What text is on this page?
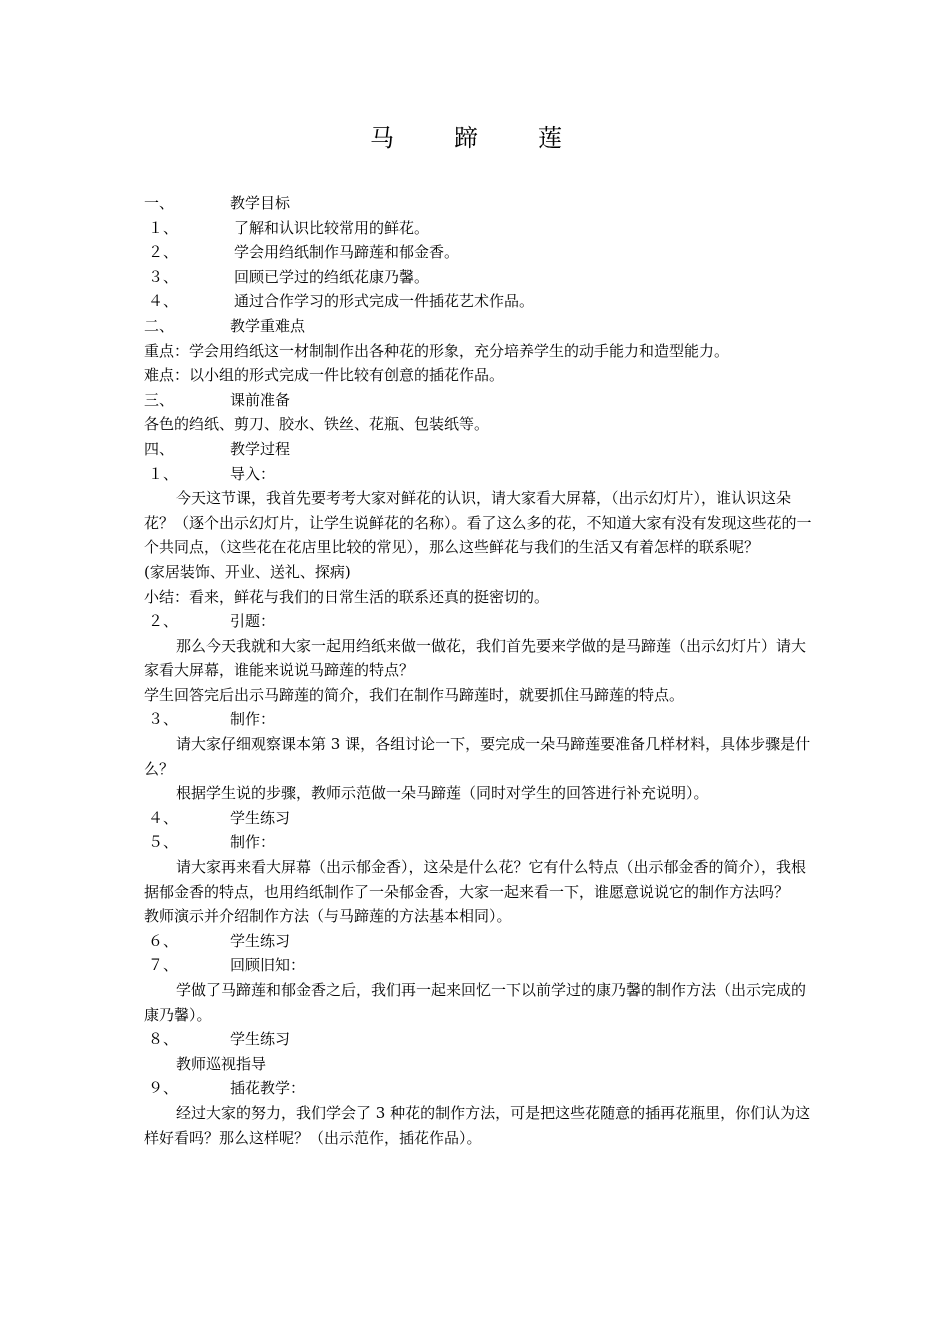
马　蹄　莲
一、	教学目标
１、	了解和认识比较常用的鲜花。
２、	学会用绉纸制作马蹄莲和郁金香。
３、	回顾已学过的绉纸花康乃馨。
４、	通过合作学习的形式完成一件插花艺术作品。
二、	教学重难点

重点：学会用绉纸这一材制制作出各种花的形象，充分培养学生的动手能力和造型能力。

难点：以小组的形式完成一件比较有创意的插花作品。

三、	课前准备

各色的绉纸、剪刀、胶水、铁丝、花瓶、包装纸等。

四、	教学过程
１、	导入：

今天这节课，我首先要考考大家对鲜花的认识，请大家看大屏幕，（出示幻灯片），谁认识这朵花？（逐个出示幻灯片，让学生说鲜花的名称）。看了这么多的花，不知道大家有没有发现这些花的一个共同点，（这些花在花店里比较的常见），那么这些鲜花与我们的生活又有着怎样的联系呢？

(家居装饰、开业、送礼、探病)

小结：看来，鲜花与我们的日常生活的联系还真的挺密切的。

２、	引题：

那么今天我就和大家一起用绉纸来做一做花，我们首先要来学做的是马蹄莲（出示幻灯片）请大家看大屏幕，谁能来说说马蹄莲的特点？

学生回答完后出示马蹄莲的简介，我们在制作马蹄莲时，就要抓住马蹄莲的特点。

３、	制作：

请大家仔细观察课本第 3 课，各组讨论一下，要完成一朵马蹄莲要准备几样材料，具体步骤是什么？

根据学生说的步骤，教师示范做一朵马蹄莲（同时对学生的回答进行补充说明）。

４、	学生练习
５、	制作：

请大家再来看大屏幕（出示郁金香），这朵是什么花？它有什么特点（出示郁金香的简介），我根据郁金香的特点，也用绉纸制作了一朵郁金香，大家一起来看一下，谁愿意说说它的制作方法吗？

教师演示并介绍制作方法（与马蹄莲的方法基本相同）。

６、	学生练习
７、	回顾旧知：

学做了马蹄莲和郁金香之后，我们再一起来回忆一下以前学过的康乃馨的制作方法（出示完成的康乃馨）。

８、	学生练习

教师巡视指导

９、	插花教学：

经过大家的努力，我们学会了 3 种花的制作方法，可是把这些花随意的插再花瓶里，你们认为这样好看吗？那么这样呢？（出示范作，插花作品）。
